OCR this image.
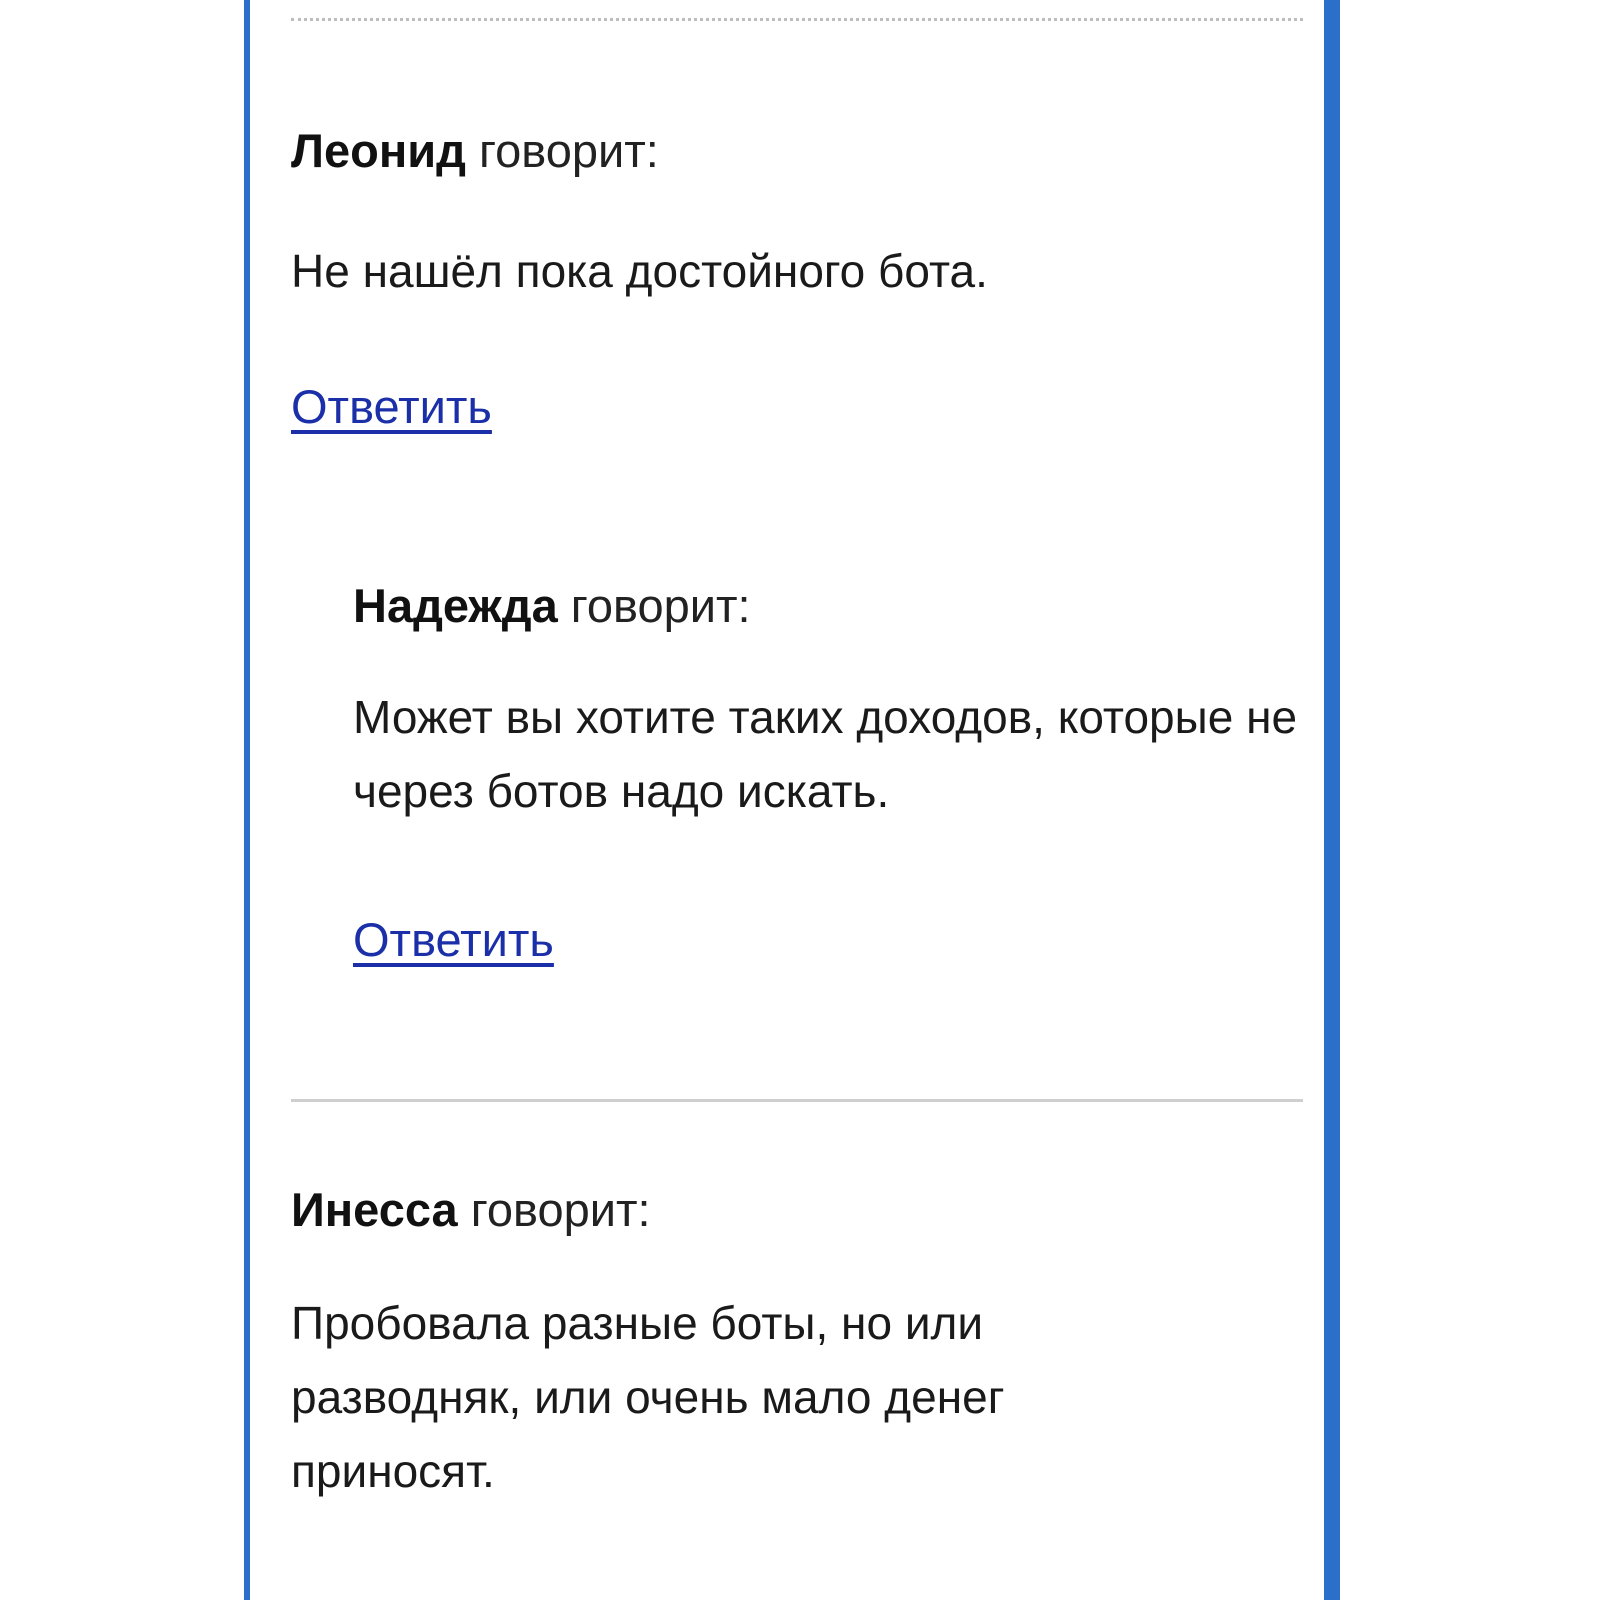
Леонид говорит:

Не нашёл пока достойного бота.

Ответить

Надежда говорит:

Может вы хотите таких доходов, которые не через ботов надо искать.

Ответить

Инесса говорит:

Пробовала разные боты, но или разводняк, или очень мало денег приносят.
